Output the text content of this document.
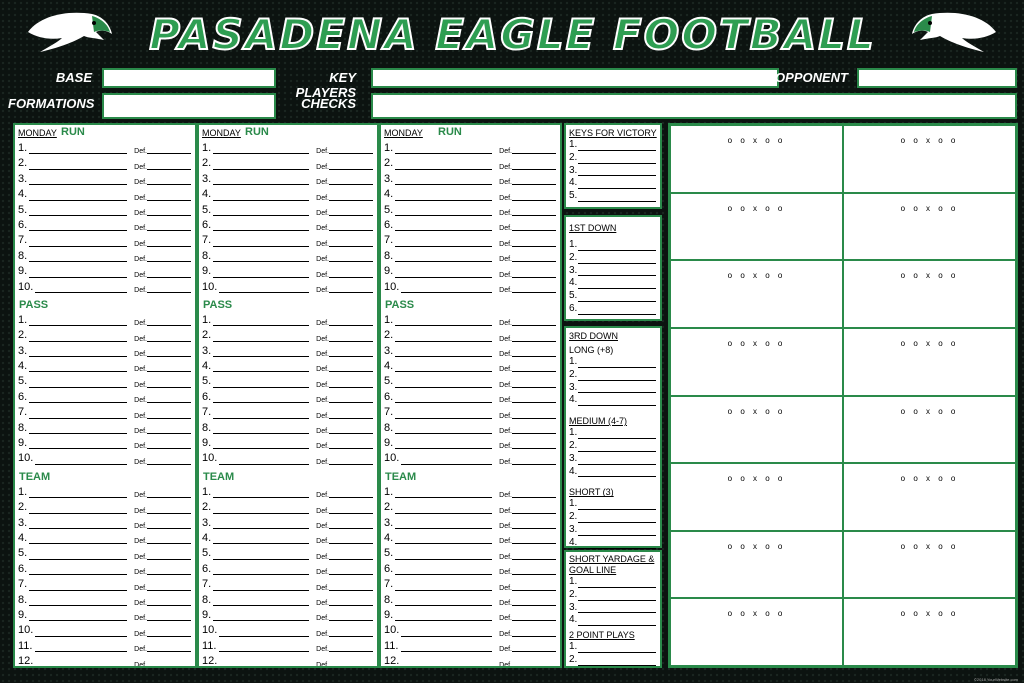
PASADENA EAGLE FOOTBALL
BASE	KEY PLAYERS
OPPONENT
FORMATIONS	CHECKS
MONDAY RUN
1.	Def.
2.	Def.
3.	Def.
4.	Def.
5.	Def.
6.	Def.
7.	Def.
8.	Def.
9.	Def.
10.	Def.
PASS
1.	Def.
2.	Def.
3.	Def.
4.	Def.
5.	Def.
6.	Def.
7.	Def.
8.	Def.
9.	Def.
10.	Def.
TEAM
1.	Def.
2.	Def.
3.	Def.
4.	Def.
5.	Def.
6.	Def.
7.	Def.
8.	Def.
9.	Def.
10.	Def.
11.	Def.
12.	Def.
MONDAY RUN
1.	Def.
2.	Def.
3.	Def.
4.	Def.
5.	Def.
6.	Def.
7.	Def.
8.	Def.
9.	Def.
10.	Def.
PASS
1.	Def.
2.	Def.
3.	Def.
4.	Def.
5.	Def.
6.	Def.
7.	Def.
8.	Def.
9.	Def.
10.	Def.
TEAM
1.	Def.
2.	Def.
3.	Def.
4.	Def.
5.	Def.
6.	Def.
7.	Def.
8.	Def.
9.	Def.
10.	Def.
11.	Def.
12.	Def.
MONDAY RUN
1.	Def.
2.	Def.
3.	Def.
4.	Def.
5.	Def.
6.	Def.
7.	Def.
8.	Def.
9.	Def.
10.	Def.
PASS
1.	Def.
2.	Def.
3.	Def.
4.	Def.
5.	Def.
6.	Def.
7.	Def.
8.	Def.
9.	Def.
10.	Def.
TEAM
1.	Def.
2.	Def.
3.	Def.
4.	Def.
5.	Def.
6.	Def.
7.	Def.
8.	Def.
9.	Def.
10.	Def.
11.	Def.
12.	Def.
KEYS FOR VICTORY
1.
2.
3.
4.
5.
1ST DOWN
1.
2.
3.
4.
5.
6.
3RD DOWN
LONG (+8)
1.
2.
3.
4.
MEDIUM (4-7)
1.
2.
3.
4.
SHORT (3)
1.
2.
3.
4.
SHORT YARDAGE & GOAL LINE
1.
2.
3.
4.
2 POINT PLAYS
1.
2.
o o x o o	o o x o o
o o x o o	o o x o o
o o x o o	o o x o o
o o x o o	o o x o o
o o x o o	o o x o o
o o x o o	o o x o o
o o x o o	o o x o o
o o x o o	o o x o o
©2018 YourWebsite.com
